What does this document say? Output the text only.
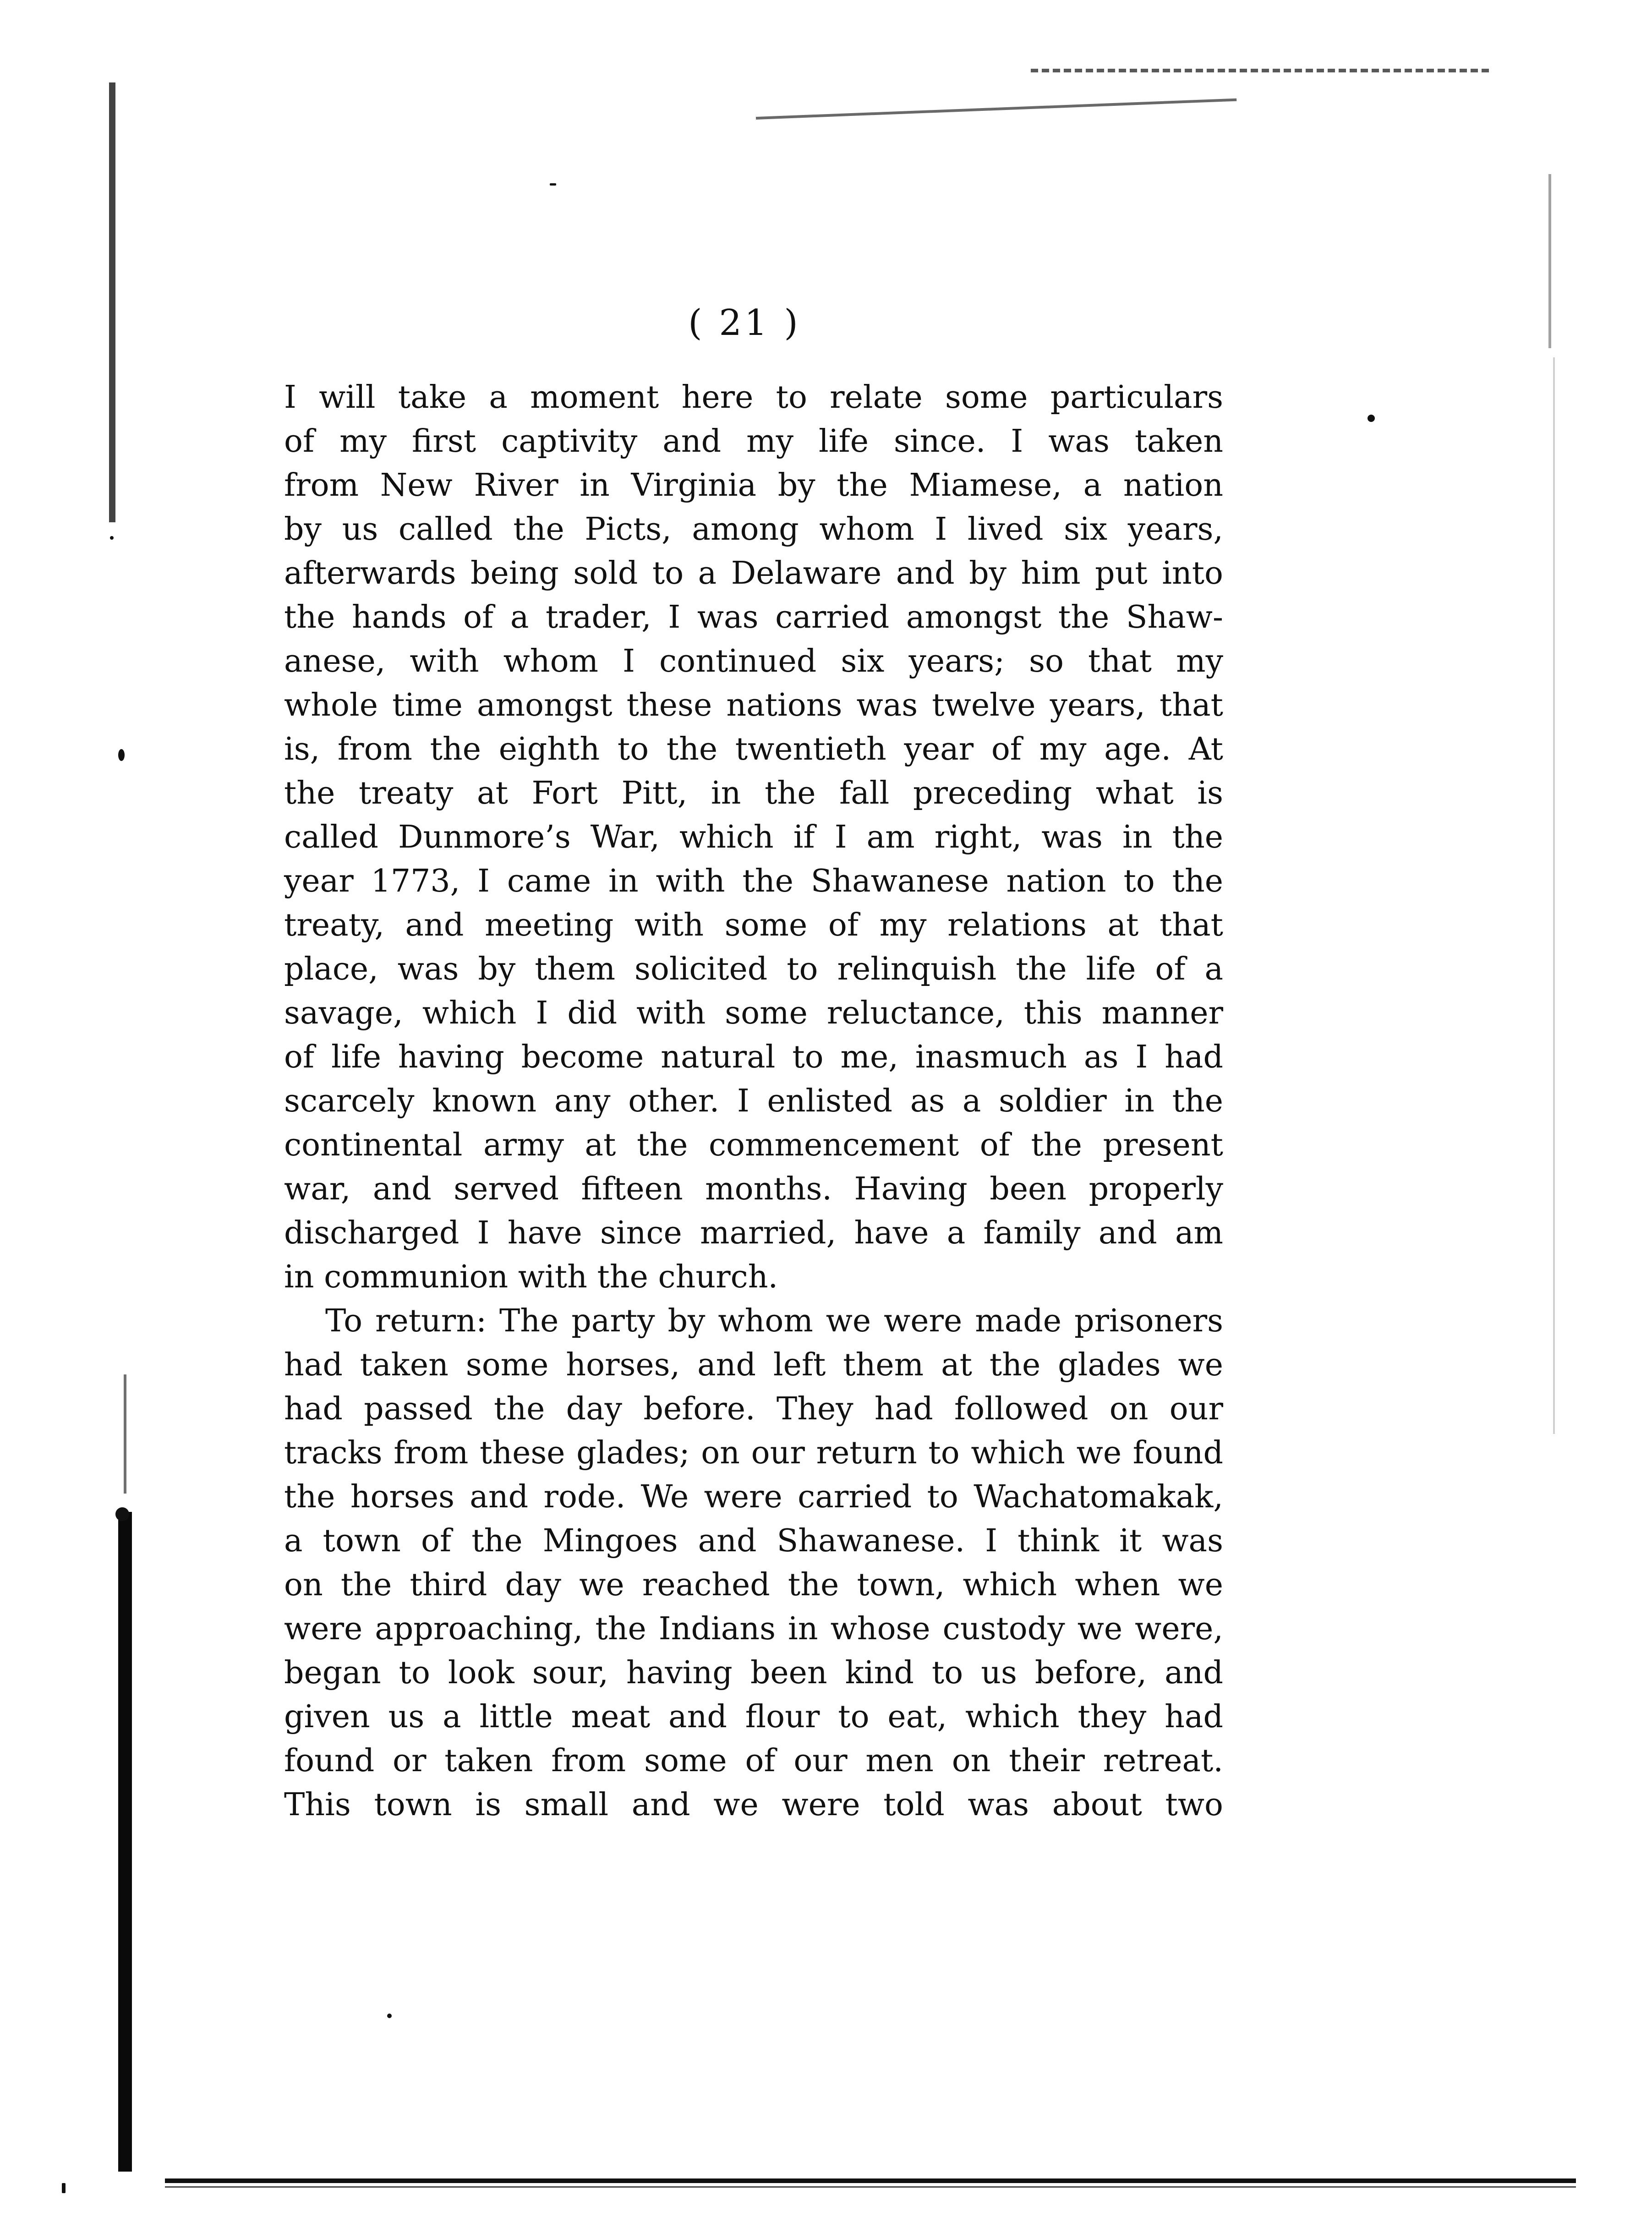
( 21 )
I will take a moment here to relate some particulars
of my first captivity and my life since. I was taken
from New River in Virginia by the Miamese, a nation
by us called the Picts, among whom I lived six years,
afterwards being sold to a Delaware and by him put into
the hands of a trader, I was carried amongst the Shaw-
anese, with whom I continued six years; so that my
whole time amongst these nations was twelve years, that
is, from the eighth to the twentieth year of my age. At
the treaty at Fort Pitt, in the fall preceding what is
called Dunmore’s War, which if I am right, was in the
year 1773, I came in with the Shawanese nation to the
treaty, and meeting with some of my relations at that
place, was by them solicited to relinquish the life of a
savage, which I did with some reluctance, this manner
of life having become natural to me, inasmuch as I had
scarcely known any other. I enlisted as a soldier in the
continental army at the commencement of the present
war, and served fifteen months. Having been properly
discharged I have since married, have a family and am
in communion with the church.
To return: The party by whom we were made prisoners
had taken some horses, and left them at the glades we
had passed the day before. They had followed on our
tracks from these glades; on our return to which we found
the horses and rode. We were carried to Wachatomakak,
a town of the Mingoes and Shawanese. I think it was
on the third day we reached the town, which when we
were approaching, the Indians in whose custody we were,
began to look sour, having been kind to us before, and
given us a little meat and flour to eat, which they had
found or taken from some of our men on their retreat.
This town is small and we were told was about two
